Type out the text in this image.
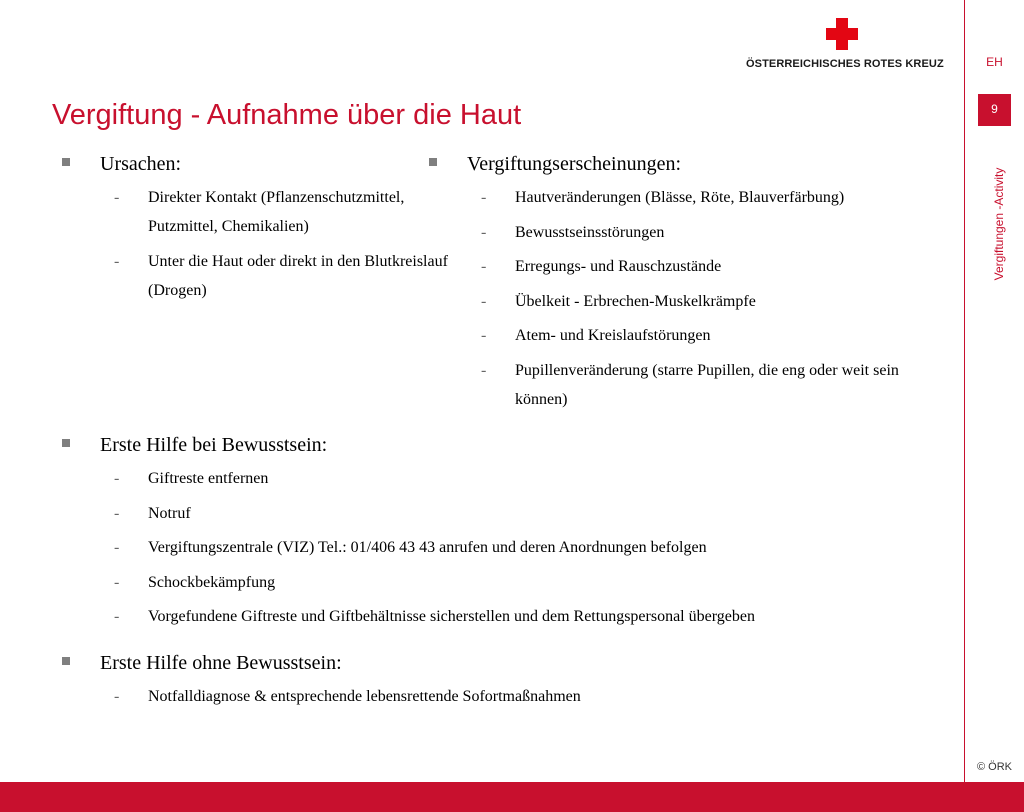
ÖSTERREICHISCHES ROTES KREUZ
Vergiftung - Aufnahme über die Haut
Ursachen:
- Direkter Kontakt (Pflanzenschutzmittel, Putzmittel, Chemikalien)
- Unter die Haut oder direkt in den Blutkreislauf (Drogen)
Vergiftungserscheinungen:
- Hautveränderungen (Blässe, Röte, Blauverfärbung)
- Bewusstseinsstörungen
- Erregungs- und Rauschzustände
- Übelkeit - Erbrechen-Muskelkrämpfe
- Atem- und Kreislaufstörungen
- Pupillenveränderung (starre Pupillen, die eng oder weit sein können)
Erste Hilfe bei Bewusstsein:
- Giftreste entfernen
- Notruf
- Vergiftungszentrale (VIZ) Tel.: 01/406 43 43 anrufen und deren Anordnungen befolgen
- Schockbekämpfung
- Vorgefundene Giftreste und Giftbehältnisse sicherstellen und dem Rettungspersonal übergeben
Erste Hilfe ohne Bewusstsein:
- Notfalldiagnose & entsprechende lebensrettende Sofortmaßnahmen
EH
9
Vergiftungen -Activity
© ÖRK
